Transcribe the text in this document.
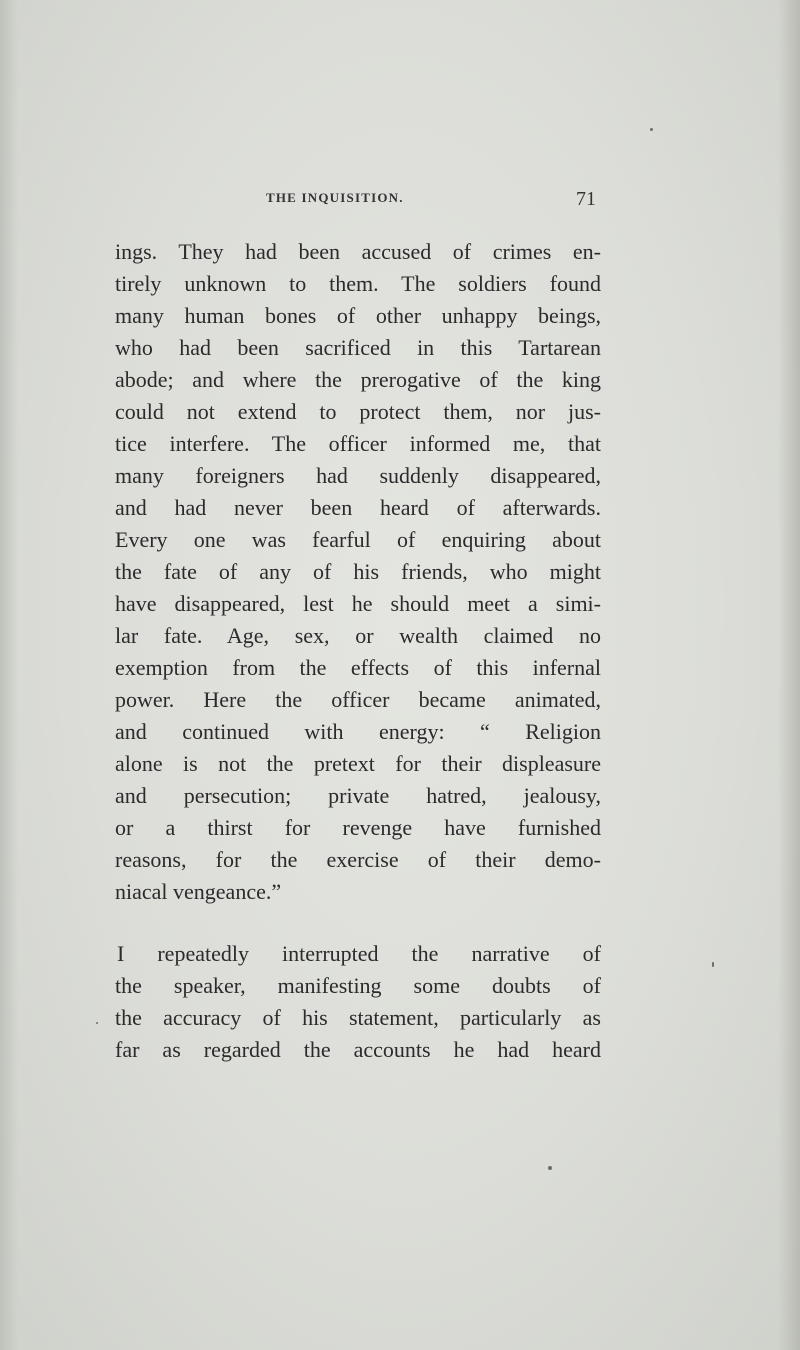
THE INQUISITION.	71
ings. They had been accused of crimes en-
tirely unknown to them. The soldiers found
many human bones of other unhappy beings,
who had been sacrificed in this Tartarean
abode; and where the prerogative of the king
could not extend to protect them, nor jus-
tice interfere. The officer informed me, that
many foreigners had suddenly disappeared,
and had never been heard of afterwards.
Every one was fearful of enquiring about
the fate of any of his friends, who might
have disappeared, lest he should meet a simi-
lar fate. Age, sex, or wealth claimed no
exemption from the effects of this infernal
power. Here the officer became animated,
and continued with energy: “ Religion
alone is not the pretext for their displeasure
and persecution; private hatred, jealousy,
or a thirst for revenge have furnished
reasons, for the exercise of their demo-
niacal vengeance.”
I repeatedly interrupted the narrative of
the speaker, manifesting some doubts of
the accuracy of his statement, particularly as
far as regarded the accounts he had heard
